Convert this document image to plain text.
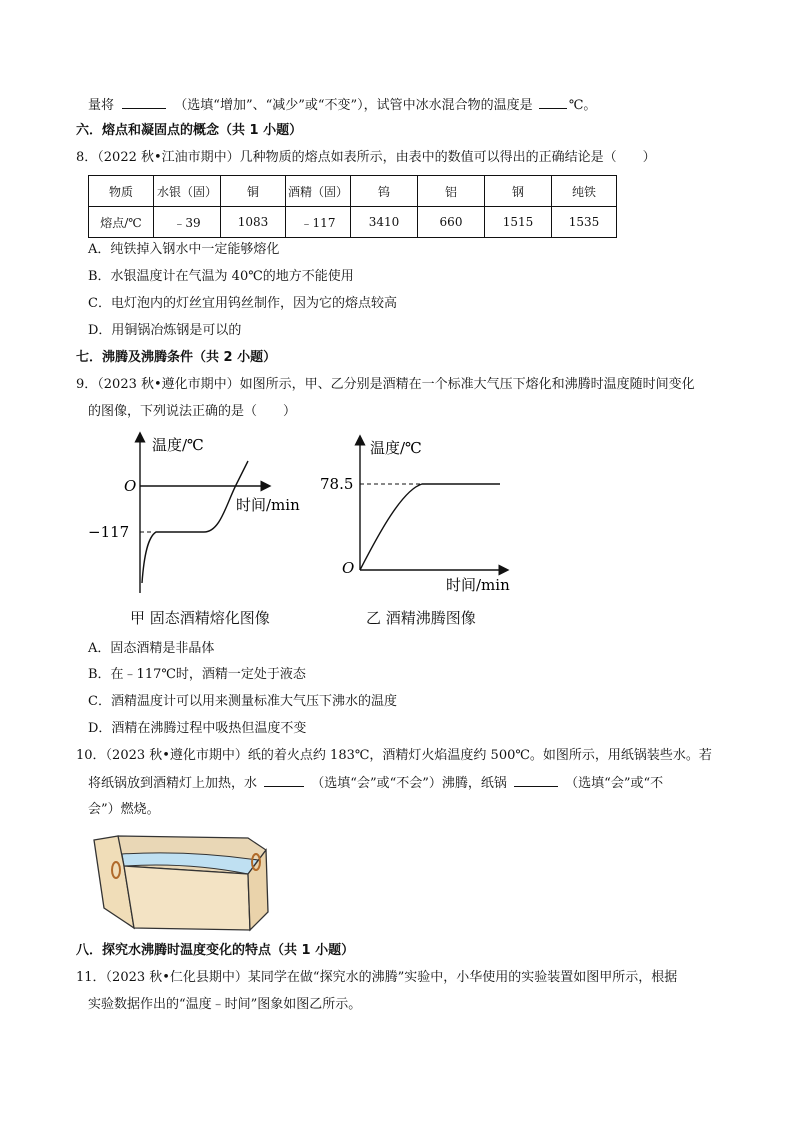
量将	（选填“增加”、“减少”或“不变”），试管中冰水混合物的温度是	℃。
六．熔点和凝固点的概念（共 1 小题）
8．（2022 秋•江油市期中）几种物质的熔点如表所示，由表中的数值可以得出的正确结论是（　　）
物质	水银（固）	铜	酒精（固）	钨	铝	钢	纯铁
熔点/℃	﹣39	1083	﹣117	3410	660	1515	1535
A．纯铁掉入钢水中一定能够熔化
B．水银温度计在气温为 40℃的地方不能使用
C．电灯泡内的灯丝宜用钨丝制作，因为它的熔点较高
D．用铜锅冶炼钢是可以的
七．沸腾及沸腾条件（共 2 小题）
9．（2023 秋•遵化市期中）如图所示，甲、乙分别是酒精在一个标准大气压下熔化和沸腾时温度随时间变化
的图像，下列说法正确的是（　　）
温度/℃
O
时间/min
−117
甲 固态酒精熔化图像
温度/℃
78.5
O
时间/min
乙 酒精沸腾图像
A．固态酒精是非晶体
B．在﹣117℃时，酒精一定处于液态
C．酒精温度计可以用来测量标准大气压下沸水的温度
D．酒精在沸腾过程中吸热但温度不变
10．（2023 秋•遵化市期中）纸的着火点约 183℃，酒精灯火焰温度约 500℃。如图所示，用纸锅装些水。若
将纸锅放到酒精灯上加热，水	（选填“会”或“不会”）沸腾，纸锅	（选填“会”或“不
会”）燃烧。
八．探究水沸腾时温度变化的特点（共 1 小题）
11．（2023 秋•仁化县期中）某同学在做“探究水的沸腾”实验中，小华使用的实验装置如图甲所示，根据
实验数据作出的“温度﹣时间”图象如图乙所示。
